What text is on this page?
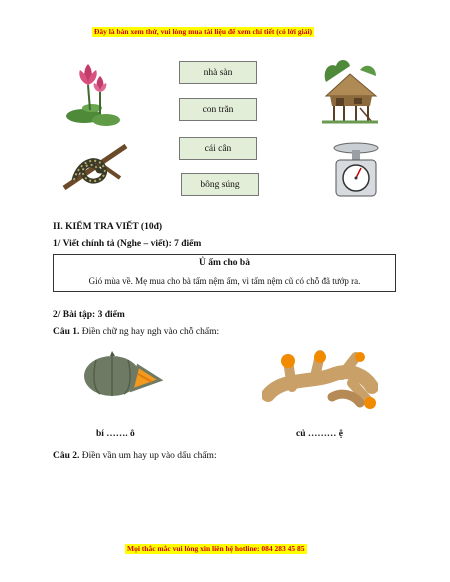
Đây là bản xem thử, vui lòng mua tài liệu để xem chi tiết (có lời giải)
nhà sàn
con trăn
cái cân
bông súng
II. KIỂM TRA VIẾT (10đ)
1/ Viết chính tả (Nghe – viết): 7 điểm
Ủ ấm cho bà
Gió mùa về. Mẹ mua cho bà tấm nệm ấm, vì tấm nệm cũ có chỗ đã tướp ra.
2/ Bài tập: 3 điểm
Câu 1. Điền chữ ng hay ngh vào chỗ chấm:
bí ……. ô	củ ……… ệ
Câu 2. Điền vần um hay up vào dấu chấm:
Mọi thắc mắc vui lòng xin liên hệ hotline: 084 283 45 85
